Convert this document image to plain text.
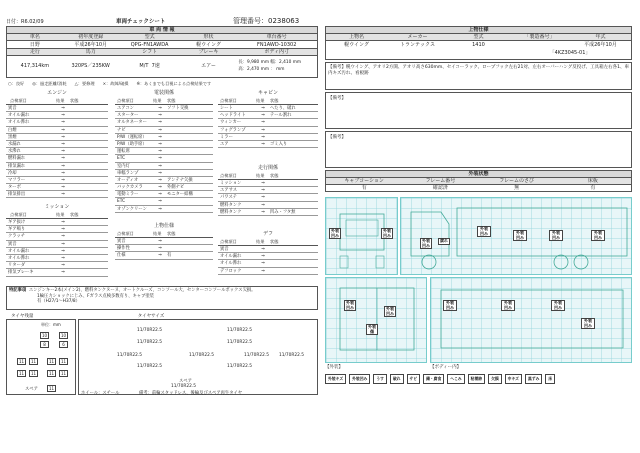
日付：R6.02/09	車両チェックシート	管理番号：0238063
車 両 情 報
車名	初年度登録	型式	形状	車台番号
日野	平成26年10月	QPG-FN1AWDA	幌ウイング	FN1AWD-10302
走行	馬力	シフト	ブレーキ	ボディ内寸
417,314km	320PS／235KW	M/T 7速	エアー
長：9,980 mm 幅：2,410 mm
高：2,470 mm ： mm
○：良好 ◎：過走距離/消耗 △：要修理 ×：故障/破損 ※：あくまでも目視による点検結果です
エンジン
点検項目	結果	状態
異音	⇒
オイル漏れ	⇒
オイル滲れ	⇒
白煙	⇒
黒煙	⇒
水漏れ	⇒
水滲れ	⇒
燃料漏れ	⇒
排気漏れ	⇒
冷却	⇒
マフラー	⇒
ターボ	⇒
排気排出	⇒
電装関係
点検項目	結果	状態
エアコン	⇒	ソフト交換
スターター	⇒
オルタネーター	⇒
ナビ	⇒
P/W（運転席）	⇒
P/W（助手席）	⇒
運転席	⇒
ETC	⇒
室内灯	⇒
車幅ランプ	⇒
オーディオ	⇒	アンテナ欠損
バックカメラ	⇒	外側ナビ
電動ミラー	⇒	モニター結構
ETC	⇒
オゾンクリーン	⇒
キャビン
点検項目	結果	状態
シート	⇒	へたり、破れ
ヘッドライト	⇒	テール割れ
ウィンカー	⇒
フォグランプ	⇒
ミラー	⇒
エア	⇒	ゴミ入り
走行関係
点検項目	結果	状態
ミッション	⇒
エアサス	⇒
パワステ	⇒
燃料タンク	⇒
燃料タンク	⇒	凹み・フタ無
ミッション
点検項目	結果	状態
ギア抜け	⇒
ギア鳴り	⇒
クラッチ	⇒
異音	⇒
オイル漏れ	⇒
オイル滲れ	⇒
リターダ	⇒
排気ブレーキ	⇒
上物仕様
点検項目	結果	状態
異音	⇒
操作性	⇒
仕様	⇒	有
デフ
点検項目	結果	状態
異音	⇒
オイル漏れ	⇒
オイル滲れ	⇒
デフロック	⇒
特記事項 エンジンキー2本(メイン2)、燃料タンクヌーヌ、オートクルーズ、コンソール大、センターコンソールボックス欠損。
1輪圧力ショックにじみ、Fガラス点検多数有り、キャブ塗装
有（H27/1〜H37/8）
タイヤ残量	タイヤサイズ
単位：mm
10	10
8	6
11	11	11	11
11	11	11	11
スペア	11
11/70R22.5	11/70R22.5
11/70R22.5	11/70R22.5
11/70R22.5	11/70R22.5	11/70R22.5 11/70R22.5
11/70R22.5	11/70R22.5
スペア
11/70R22.5
ホイール：スチール	備考：前輪スタッドレス、後輪及びスペア再生タイヤ
上物仕様
上物名	メーカー	型式	「製造番号」	年式
幌ウイング	トランテックス	1410	平成26年10月
「4KZ3045-01」
【備考】幌ウイング、アオリ2方開、アオリ高さ630mm、セイコーラック、ロープフック左右21対、左右オーバーハング反投げ、工具箱左右各1、車内キズ汚れ、看板跡
【備考】
【備考】
外装状態
キャブコーション	フレーム番号	フレームのさび	床板
有	確認済	無	有
外装
凹み
外装
凹み
外装
凹み
外装
凹み	外装
凹み
外装
凹み
外装
凹み
腐れ
外装
凹み
外装
傷
外装
凹み
外装
凹み
外装
凹み
外装
凹み
外装
凹み
【外装】	【ボディー内】
外装キズ	外装凹み	うす	破れ	サビ	錆・腐食	へこみ	粘着跡	欠損	中キズ	黒ずみ	床
